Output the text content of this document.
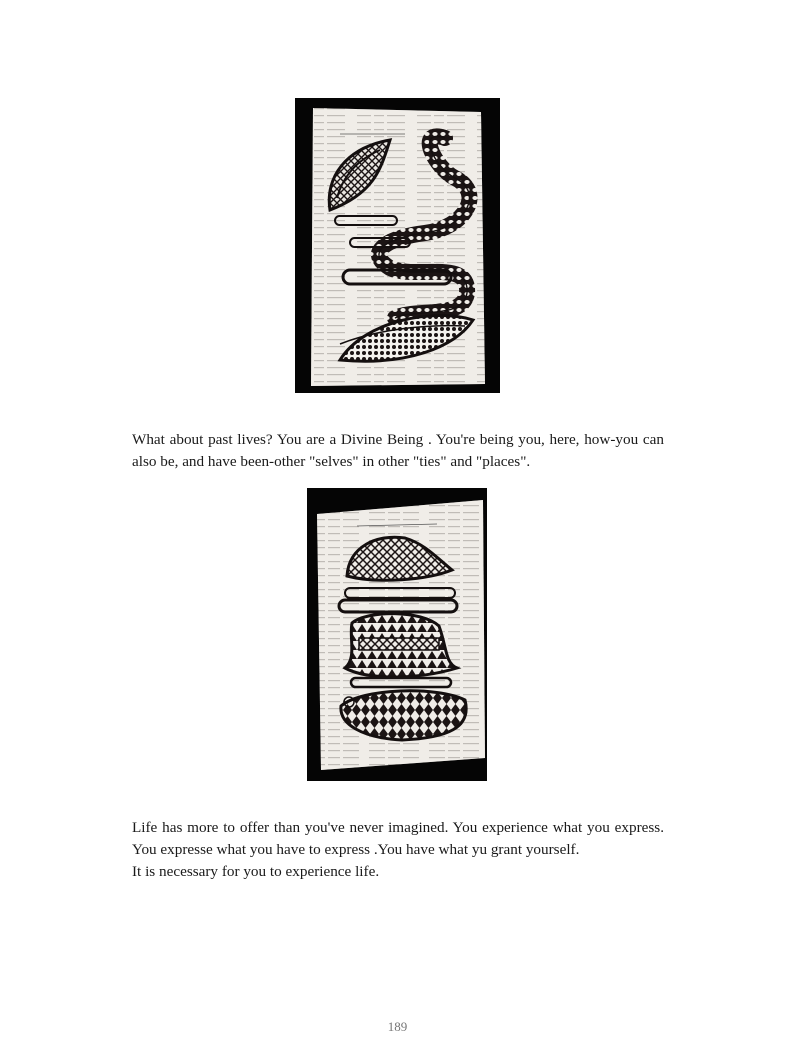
What about past lives? You are a Divine Being . You're being you, here, how-you can also be, and have been-other "selves" in other "ties" and "places".

Life has more to offer than you've never imagined. You experience what you express. You expresse what you have to express .You have what yu grant yourself.
It is necessary for you to experience life.

189
